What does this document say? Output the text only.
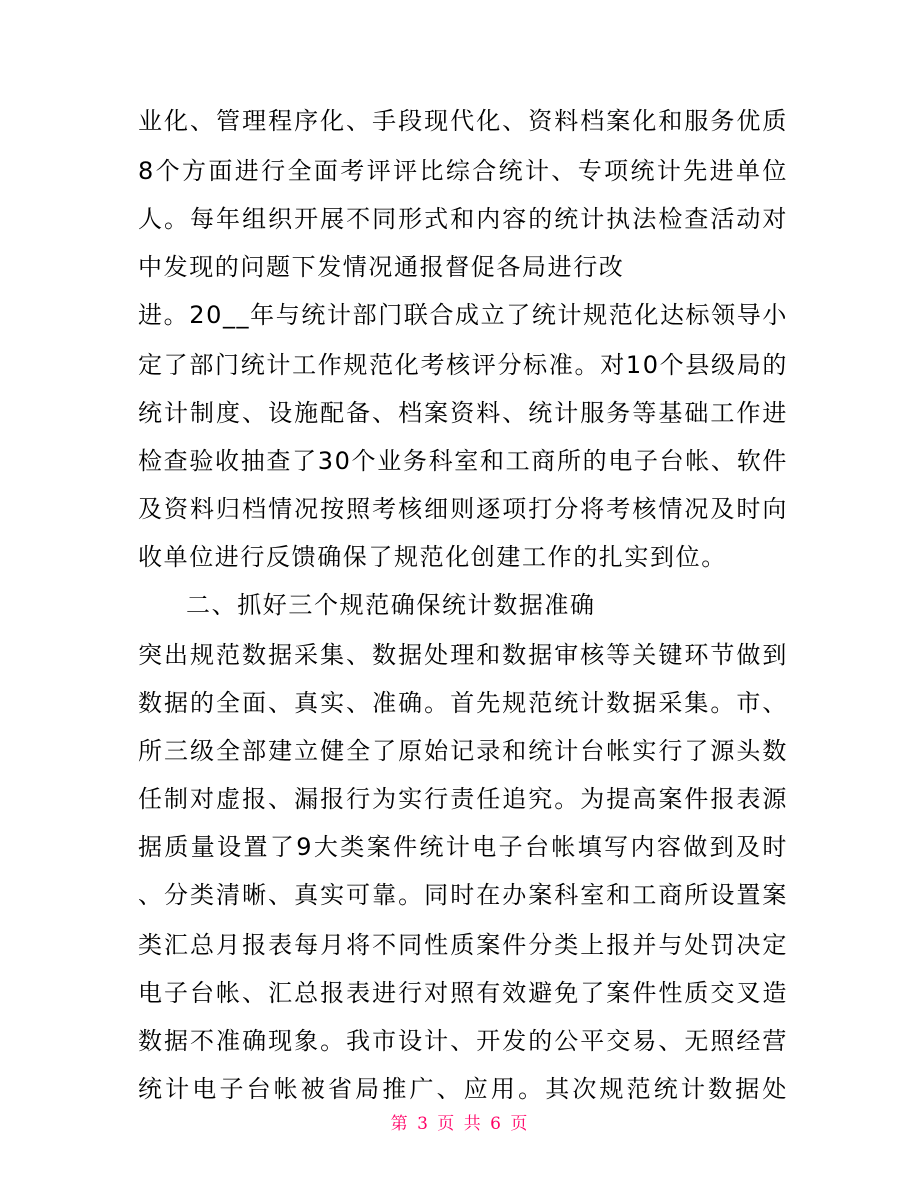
业化、管理程序化、手段现代化、资料档案化和服务优质
8个方面进行全面考评评比综合统计、专项统计先进单位
人。每年组织开展不同形式和内容的统计执法检查活动对
中发现的问题下发情况通报督促各局进行改
进。20__年与统计部门联合成立了统计规范化达标领导小
定了部门统计工作规范化考核评分标准。对10个县级局的
统计制度、设施配备、档案资料、统计服务等基础工作进
检查验收抽查了30个业务科室和工商所的电子台帐、软件
及资料归档情况按照考核细则逐项打分将考核情况及时向
收单位进行反馈确保了规范化创建工作的扎实到位。
二、抓好三个规范确保统计数据准确
突出规范数据采集、数据处理和数据审核等关键环节做到
数据的全面、真实、准确。首先规范统计数据采集。市、
所三级全部建立健全了原始记录和统计台帐实行了源头数
任制对虚报、漏报行为实行责任追究。为提高案件报表源
据质量设置了9大类案件统计电子台帐填写内容做到及时
、分类清晰、真实可靠。同时在办案科室和工商所设置案
类汇总月报表每月将不同性质案件分类上报并与处罚决定
电子台帐、汇总报表进行对照有效避免了案件性质交叉造
数据不准确现象。我市设计、开发的公平交易、无照经营
统计电子台帐被省局推广、应用。其次规范统计数据处
第 3 页 共 6 页
